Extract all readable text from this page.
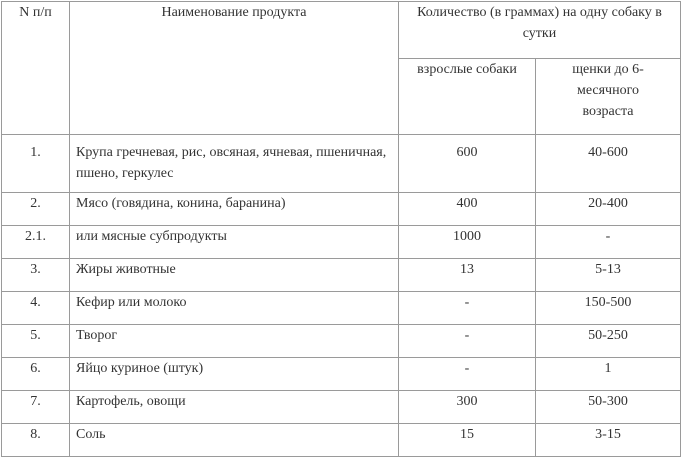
N п/п	Наименование продукта	Количество (в граммах) на одну собаку в сутки	
		взрослые собаки	щенки до 6-месячного возраста
1.	Крупа гречневая, рис, овсяная, ячневая, пшеничная, пшено, геркулес	600	40-600
2.	Мясо (говядина, конина, баранина)	400	20-400
2.1.	или мясные субпродукты	1000	-
3.	Жиры животные	13	5-13
4.	Кефир или молоко	-	150-500
5.	Творог	-	50-250
6.	Яйцо куриное (штук)	-	1
7.	Картофель, овощи	300	50-300
8.	Соль	15	3-15
